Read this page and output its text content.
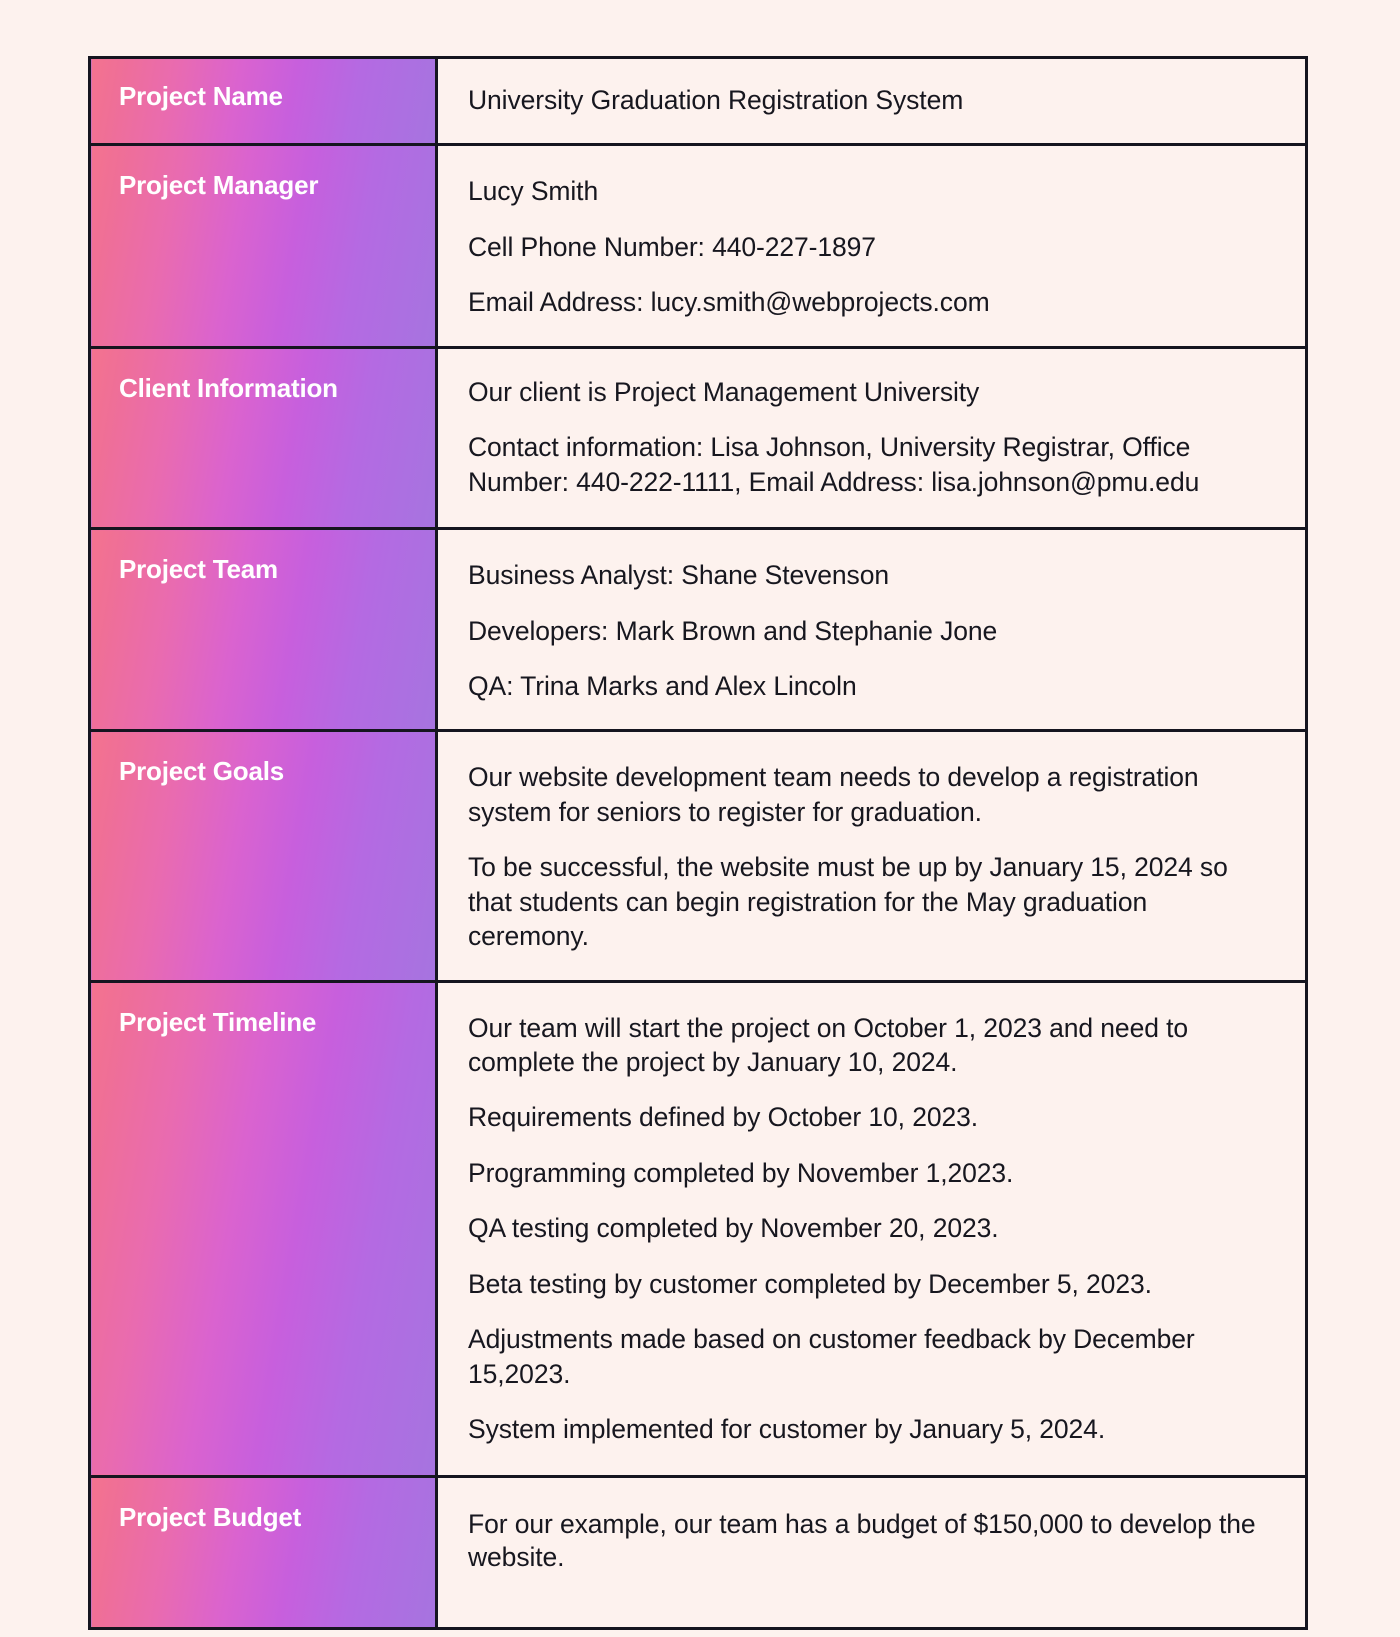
Project Name	University Graduation Registration System

Project Manager	Lucy Smith
Cell Phone Number: 440-227-1897
Email Address: lucy.smith@webprojects.com

Client Information	Our client is Project Management University
Contact information: Lisa Johnson, University Registrar, Office Number: 440-222-1111, Email Address: lisa.johnson@pmu.edu

Project Team	Business Analyst: Shane Stevenson
Developers: Mark Brown and Stephanie Jone
QA: Trina Marks and Alex Lincoln

Project Goals	Our website development team needs to develop a registration system for seniors to register for graduation.
To be successful, the website must be up by January 15, 2024 so that students can begin registration for the May graduation ceremony.

Project Timeline	Our team will start the project on October 1, 2023 and need to complete the project by January 10, 2024.
Requirements defined by October 10, 2023.
Programming completed by November 1,2023.
QA testing completed by November 20, 2023.
Beta testing by customer completed by December 5, 2023.
Adjustments made based on customer feedback by December 15,2023.
System implemented for customer by January 5, 2024.

Project Budget	For our example, our team has a budget of $150,000 to develop the website.
